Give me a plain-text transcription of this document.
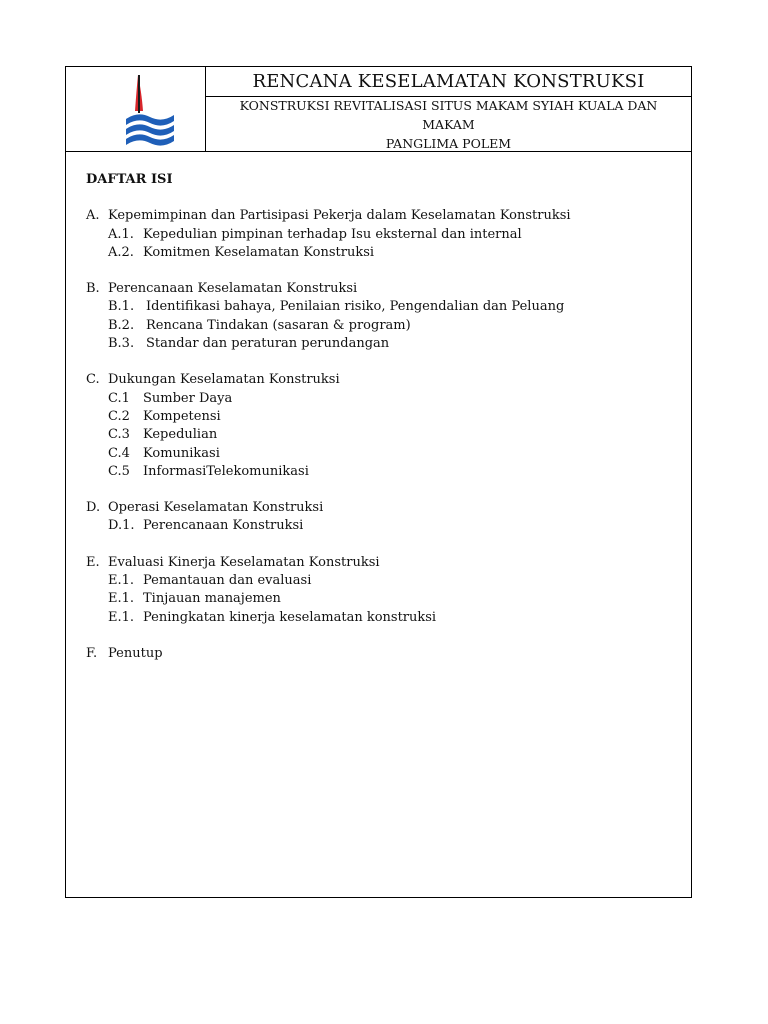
RENCANA KESELAMATAN KONSTRUKSI
KONSTRUKSI REVITALISASI SITUS MAKAM SYIAH KUALA DAN MAKAM
PANGLIMA POLEM
DAFTAR ISI
A. Kepemimpinan dan Partisipasi Pekerja dalam Keselamatan Konstruksi
A.1. Kepedulian pimpinan terhadap Isu eksternal dan internal
A.2. Komitmen Keselamatan Konstruksi
B. Perencanaan Keselamatan Konstruksi
B.1. Identifikasi bahaya, Penilaian risiko, Pengendalian dan Peluang
B.2. Rencana Tindakan (sasaran & program)
B.3. Standar dan peraturan perundangan
C. Dukungan Keselamatan Konstruksi
C.1	Sumber Daya
C.2	Kompetensi
C.3	Kepedulian
C.4	Komunikasi
C.5	InformasiTelekomunikasi
D. Operasi Keselamatan Konstruksi
D.1. Perencanaan Konstruksi
E. Evaluasi Kinerja Keselamatan Konstruksi
E.1. Pemantauan dan evaluasi
E.1. Tinjauan manajemen
E.1. Peningkatan kinerja keselamatan konstruksi
F. Penutup
